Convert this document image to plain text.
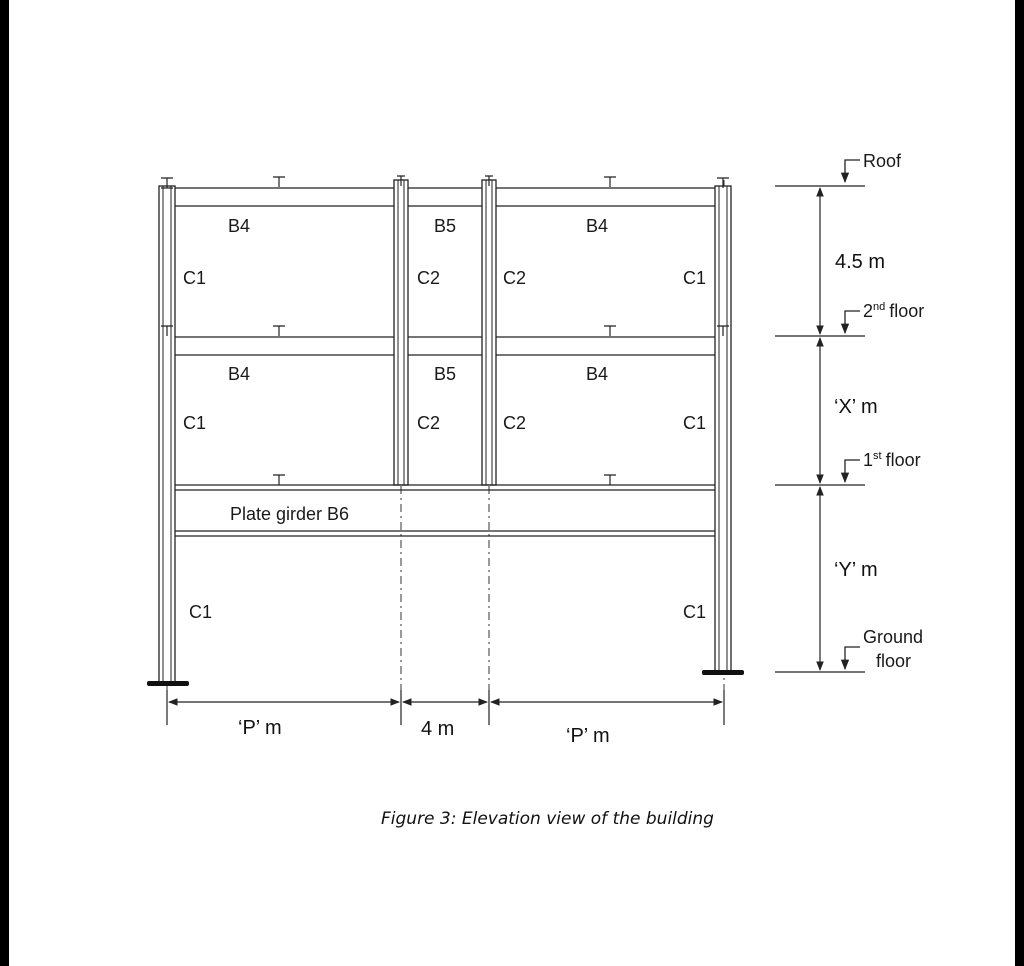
B4	B5	B4
B4	B5	B4
C1	C2	C2	C1
C1	C2	C2	C1
Plate girder B6
C1	C1
‘P’ m	4 m	‘P’ m
Roof
2nd floor
1st floor
Ground
floor
4.5 m
‘X’ m
‘Y’ m
Figure 3: Elevation view of the building
